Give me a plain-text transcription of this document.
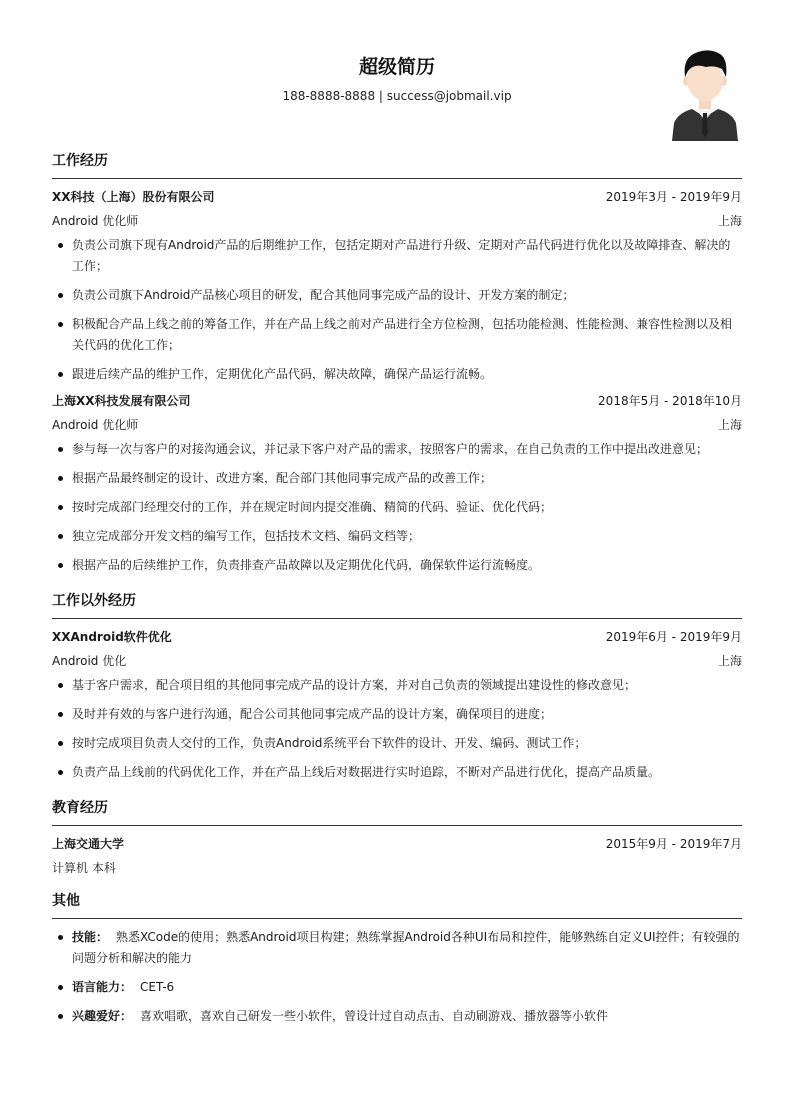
超级简历
188-8888-8888 | success@jobmail.vip
工作经历
XX科技（上海）股份有限公司	2019年3月 - 2019年9月
Android 优化师	上海
负责公司旗下现有Android产品的后期维护工作，包括定期对产品进行升级、定期对产品代码进行优化以及故障排查、解决的工作；
负责公司旗下Android产品核心项目的研发，配合其他同事完成产品的设计、开发方案的制定；
积极配合产品上线之前的筹备工作，并在产品上线之前对产品进行全方位检测，包括功能检测、性能检测、兼容性检测以及相关代码的优化工作；
跟进后续产品的维护工作，定期优化产品代码，解决故障，确保产品运行流畅。
上海XX科技发展有限公司	2018年5月 - 2018年10月
Android 优化师	上海
参与每一次与客户的对接沟通会议，并记录下客户对产品的需求，按照客户的需求，在自己负责的工作中提出改进意见；
根据产品最终制定的设计、改进方案，配合部门其他同事完成产品的改善工作；
按时完成部门经理交付的工作，并在规定时间内提交准确、精简的代码、验证、优化代码；
独立完成部分开发文档的编写工作，包括技术文档、编码文档等；
根据产品的后续维护工作，负责排查产品故障以及定期优化代码，确保软件运行流畅度。
工作以外经历
XXAndroid软件优化	2019年6月 - 2019年9月
Android 优化	上海
基于客户需求，配合项目组的其他同事完成产品的设计方案，并对自己负责的领域提出建设性的修改意见；
及时并有效的与客户进行沟通，配合公司其他同事完成产品的设计方案，确保项目的进度；
按时完成项目负责人交付的工作，负责Android系统平台下软件的设计、开发、编码、测试工作；
负责产品上线前的代码优化工作，并在产品上线后对数据进行实时追踪，不断对产品进行优化，提高产品质量。
教育经历
上海交通大学	2015年9月 - 2019年7月
计算机 本科
其他
技能： 熟悉XCode的使用；熟悉Android项目构建；熟练掌握Android各种UI布局和控件，能够熟练自定义UI控件；有较强的问题分析和解决的能力
语言能力： CET-6
兴趣爱好： 喜欢唱歌，喜欢自己研发一些小软件，曾设计过自动点击、自动刷游戏、播放器等小软件
